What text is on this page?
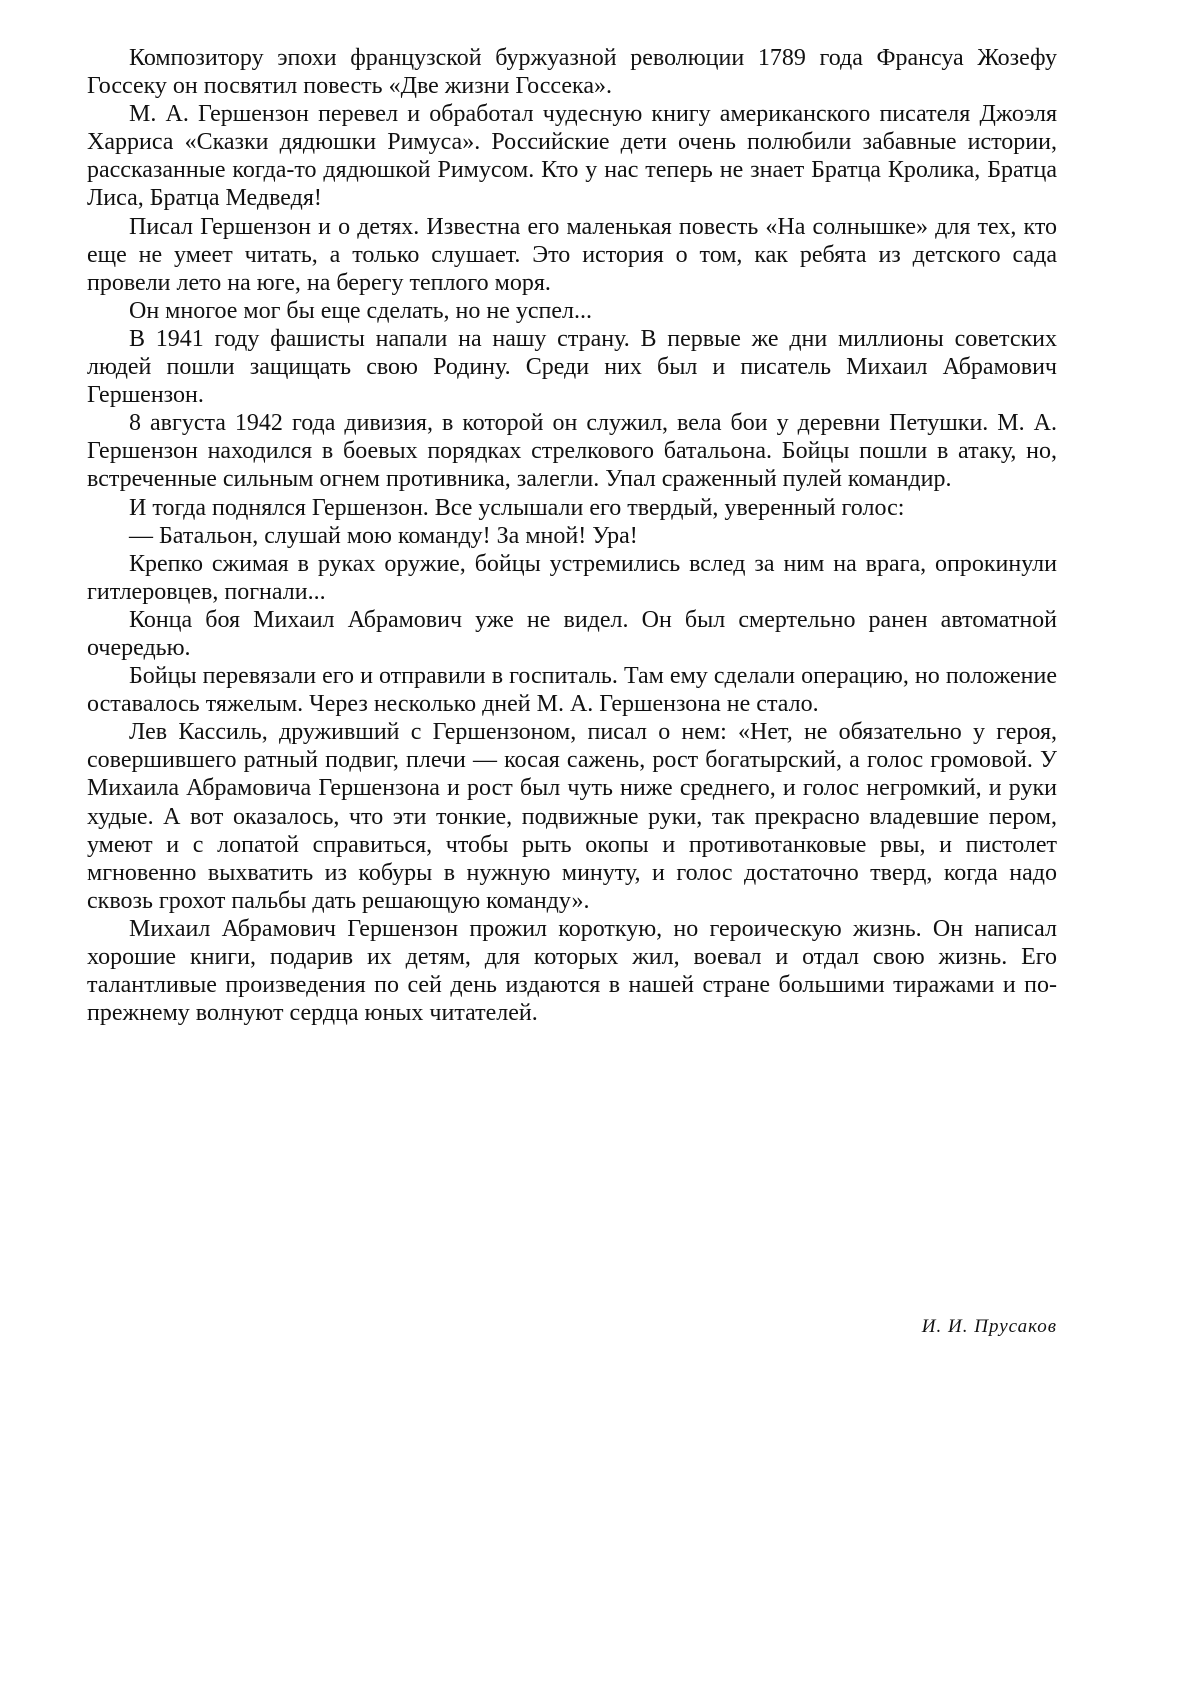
Композитору эпохи французской буржуазной революции 1789 года Франсуа Жозефу Госсеку он посвятил повесть «Две жизни Госсека».

М. А. Гершензон перевел и обработал чудесную книгу американского писателя Джоэля Харриса «Сказки дядюшки Римуса». Российские дети очень полюбили забавные истории, рассказанные когда-то дядюшкой Римусом. Кто у нас теперь не знает Братца Кролика, Братца Лиса, Братца Медведя!

Писал Гершензон и о детях. Известна его маленькая повесть «На солнышке» для тех, кто еще не умеет читать, а только слушает. Это история о том, как ребята из детского сада провели лето на юге, на берегу теплого моря.

Он многое мог бы еще сделать, но не успел...

В 1941 году фашисты напали на нашу страну. В первые же дни миллионы советских людей пошли защищать свою Родину. Среди них был и писатель Михаил Абрамович Гершензон.

8 августа 1942 года дивизия, в которой он служил, вела бои у деревни Петушки. М. А. Гершензон находился в боевых порядках стрелкового батальона. Бойцы пошли в атаку, но, встреченные сильным огнем противника, залегли. Упал сраженный пулей командир.

И тогда поднялся Гершензон. Все услышали его твердый, уверенный голос:

— Батальон, слушай мою команду! За мной! Ура!

Крепко сжимая в руках оружие, бойцы устремились вслед за ним на врага, опрокинули гитлеровцев, погнали...

Конца боя Михаил Абрамович уже не видел. Он был смертельно ранен автоматной очередью.

Бойцы перевязали его и отправили в госпиталь. Там ему сделали операцию, но положение оставалось тяжелым. Через несколько дней М. А. Гершензона не стало.

Лев Кассиль, друживший с Гершензоном, писал о нем: «Нет, не обязательно у героя, совершившего ратный подвиг, плечи — косая сажень, рост богатырский, а голос громовой. У Михаила Абрамовича Гершензона и рост был чуть ниже среднего, и голос негромкий, и руки худые. А вот оказалось, что эти тонкие, подвижные руки, так прекрасно владевшие пером, умеют и с лопатой справиться, чтобы рыть окопы и противотанковые рвы, и пистолет мгновенно выхватить из кобуры в нужную минуту, и голос достаточно тверд, когда надо сквозь грохот пальбы дать решающую команду».

Михаил Абрамович Гершензон прожил короткую, но героическую жизнь. Он написал хорошие книги, подарив их детям, для которых жил, воевал и отдал свою жизнь. Его талантливые произведения по сей день издаются в нашей стране большими тиражами и по-прежнему волнуют сердца юных читателей.

И. И. Прусаков
